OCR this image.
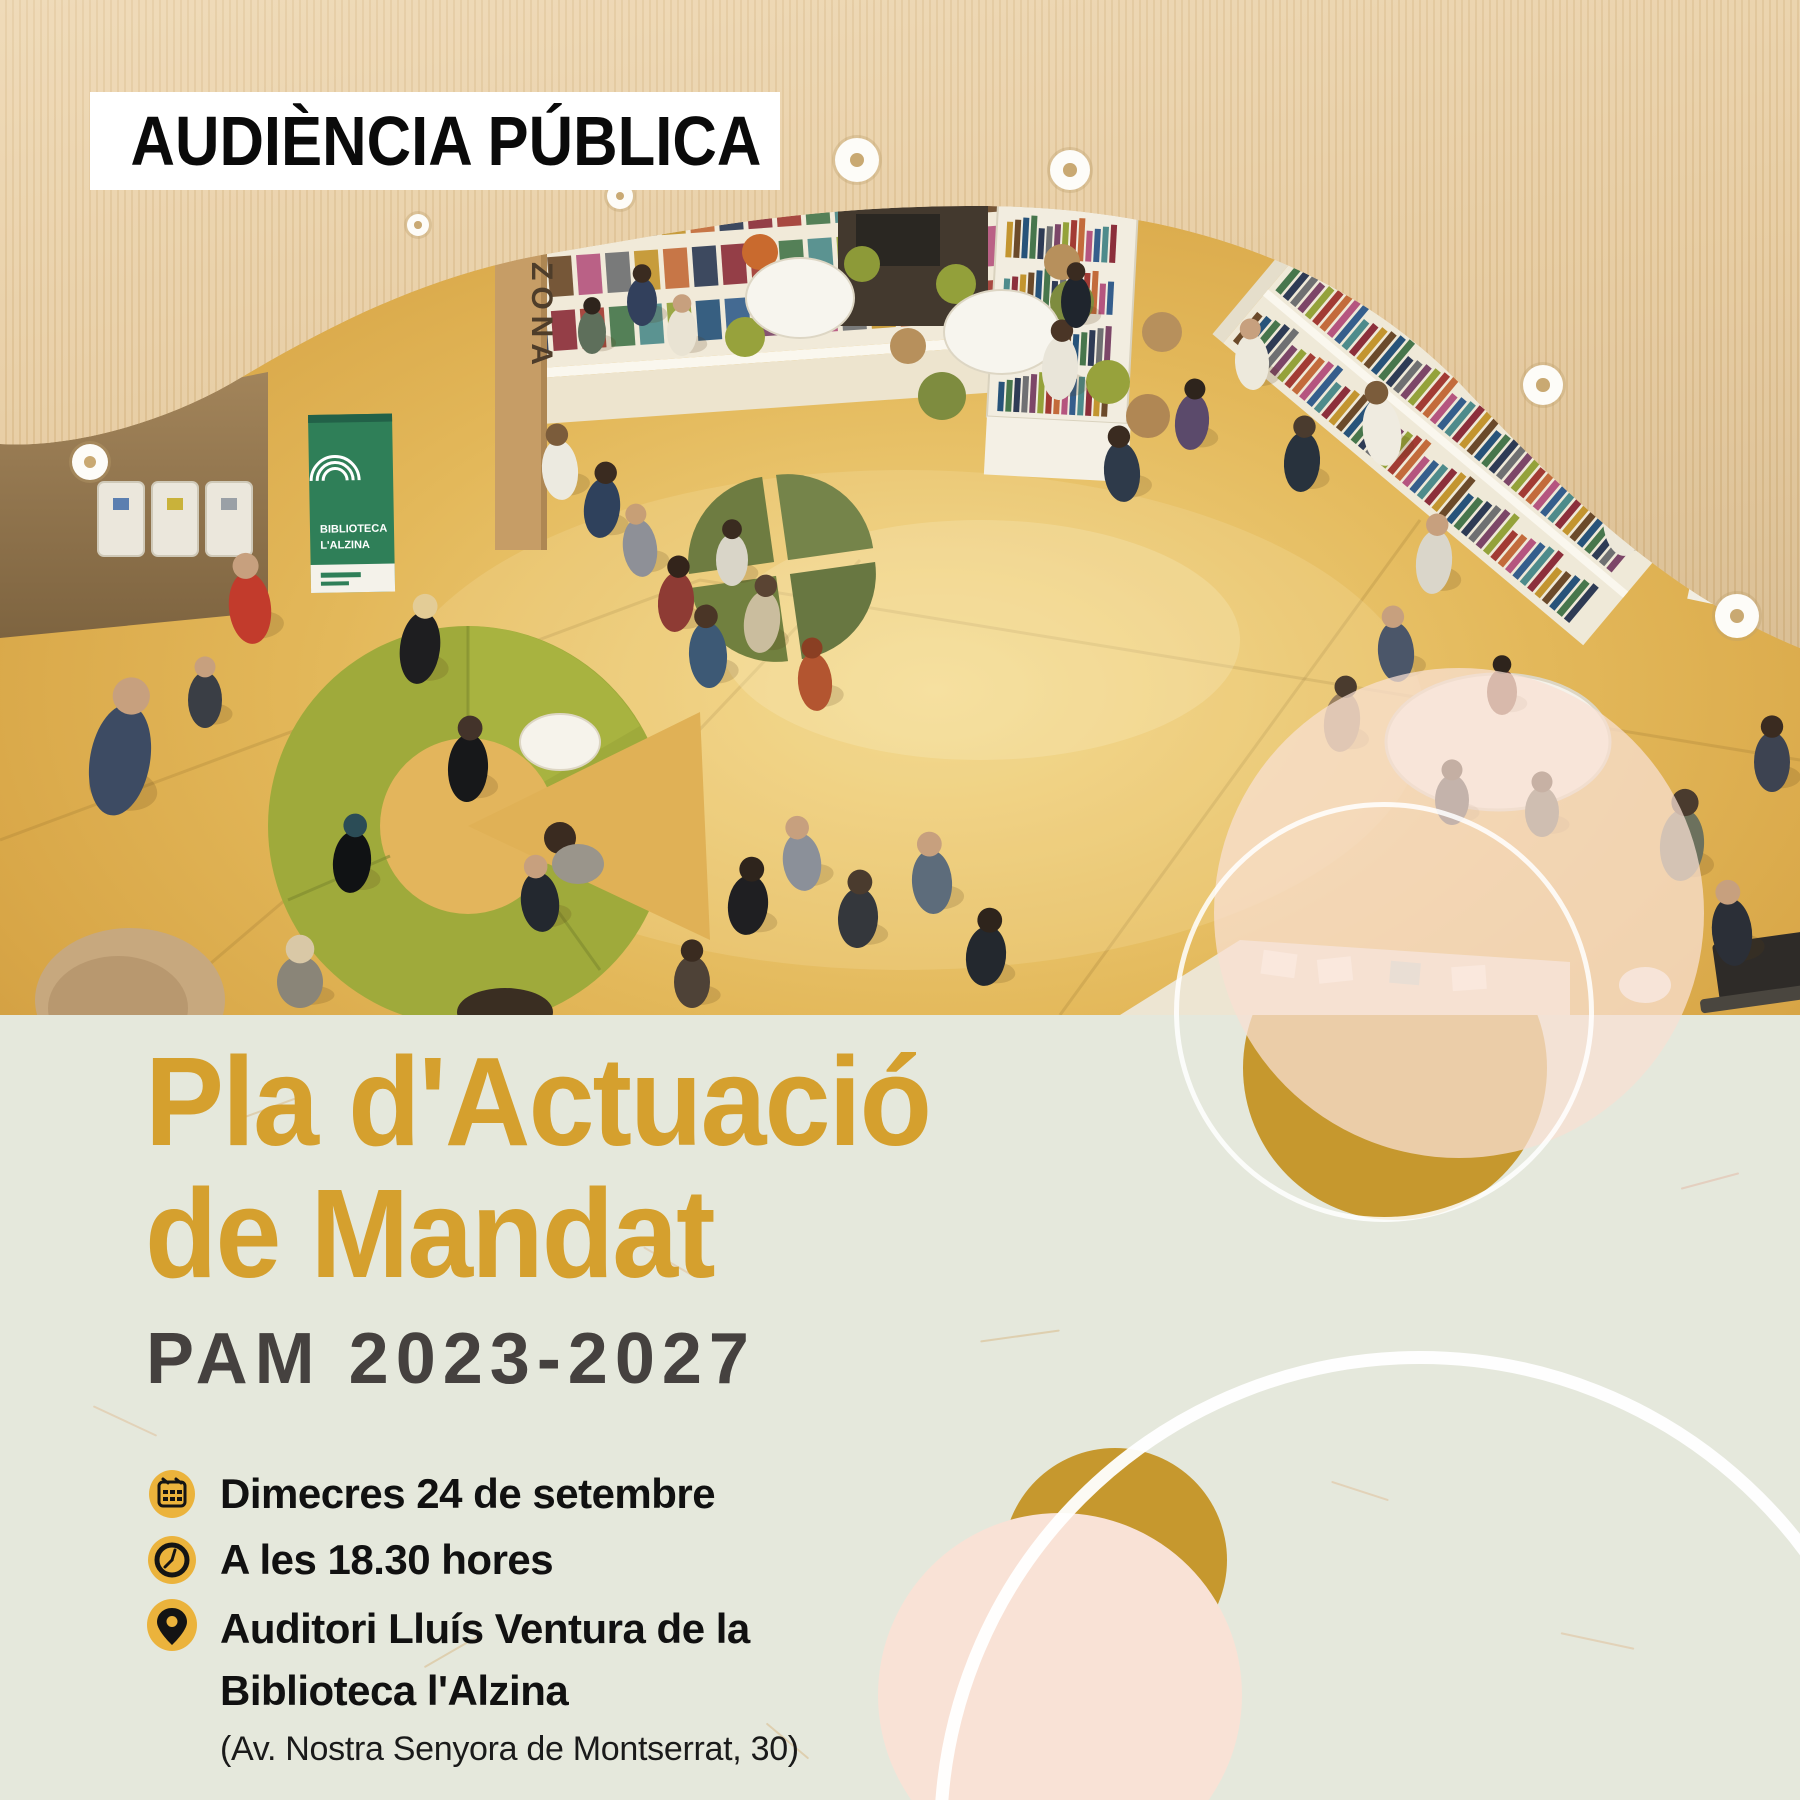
BIBLIOTECA
L'ALZINA
ZONA
AUDIÈNCIA PÚBLICA
Pla d'Actuació
de Mandat
PAM 2023-2027
Dimecres 24 de setembre
A les 18.30 hores
Auditori Lluís Ventura de la
Biblioteca l'Alzina
(Av. Nostra Senyora de Montserrat, 30)
